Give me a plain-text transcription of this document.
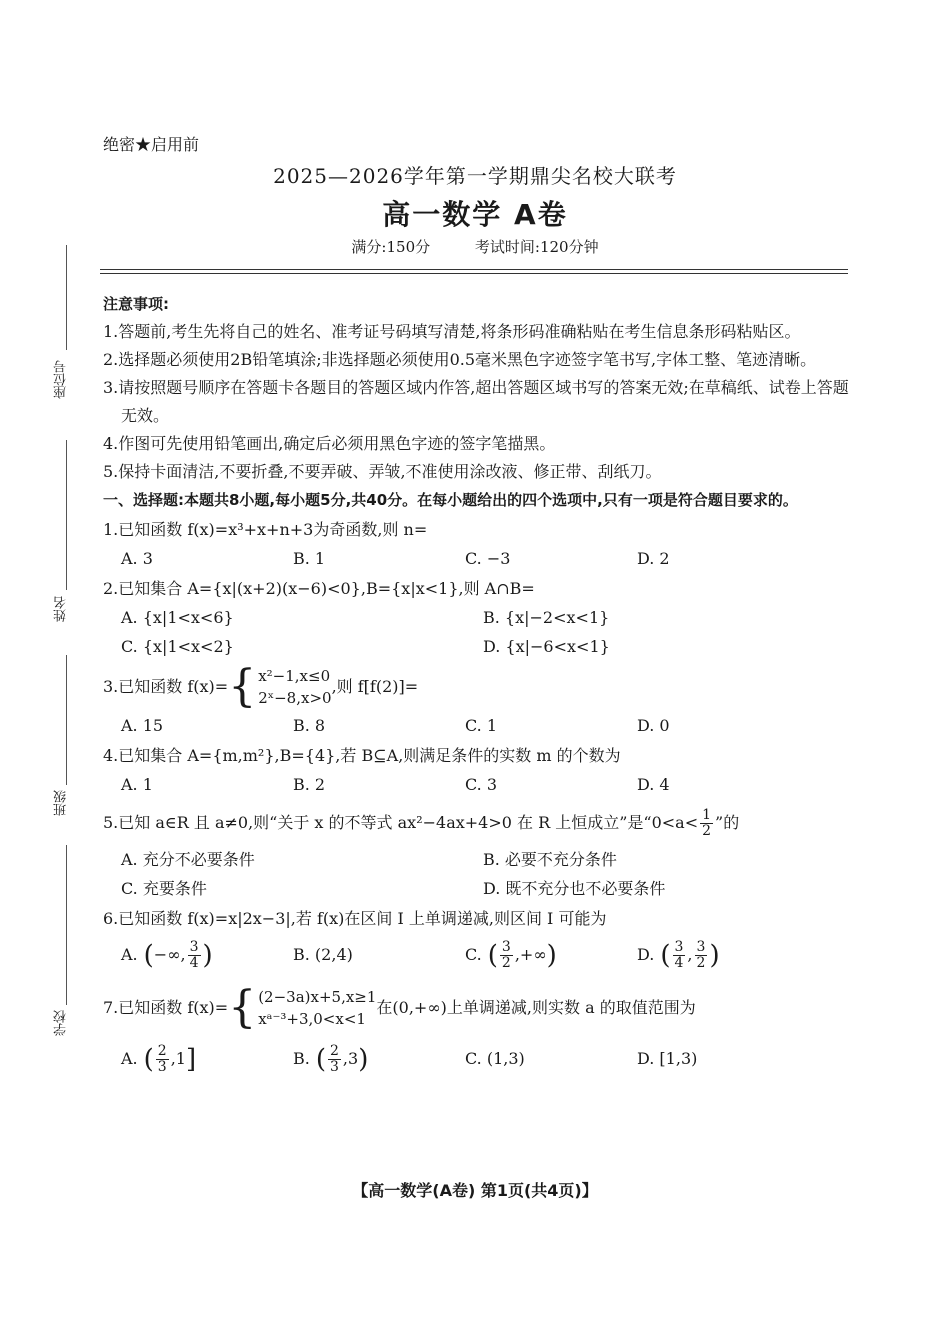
绝密★启用前
2025—2026学年第一学期鼎尖名校大联考
高一数学 A卷
满分:150分	考试时间:120分钟
座位号
姓名
班级
学校
注意事项:
1.答题前,考生先将自己的姓名、准考证号码填写清楚,将条形码准确粘贴在考生信息条形码粘贴区。
2.选择题必须使用2B铅笔填涂;非选择题必须使用0.5毫米黑色字迹签字笔书写,字体工整、笔迹清晰。
3.请按照题号顺序在答题卡各题目的答题区域内作答,超出答题区域书写的答案无效;在草稿纸、试卷上答题无效。
4.作图可先使用铅笔画出,确定后必须用黑色字迹的签字笔描黑。
5.保持卡面清洁,不要折叠,不要弄破、弄皱,不准使用涂改液、修正带、刮纸刀。
一、选择题:本题共8小题,每小题5分,共40分。在每小题给出的四个选项中,只有一项是符合题目要求的。
1.已知函数 f(x)=x³+x+n+3为奇函数,则 n=
A. 3	B. 1	C. −3	D. 2
2.已知集合 A={x|(x+2)(x−6)<0},B={x|x<1},则 A∩B=
A. {x|1<x<6}	B. {x|−2<x<1}
C. {x|1<x<2}	D. {x|−6<x<1}
3.已知函数 f(x)= { x²−1,x≤0
2ˣ−8,x>0
,则 f[f(2)]=
A. 15	B. 8	C. 1	D. 0
4.已知集合 A={m,m²},B={4},若 B⊆A,则满足条件的实数 m 的个数为
A. 1	B. 2	C. 3	D. 4
5.已知 a∈R 且 a≠0,则“关于 x 的不等式 ax²−4ax+4>0 在 R 上恒成立”是“$0<a< \frac{1}{2}$ ”的
A. 充分不必要条件	B. 必要不充分条件
C. 充要条件	D. 既不充分也不必要条件
6.已知函数 f(x)=x|2x−3|,若 f(x)在区间 I 上单调递减,则区间 I 可能为
A. (−∞, $\frac{3}{4}$ )	B. (2,4)	C. ( $\frac{3}{2}$ ,+∞)	D. ( $\frac{3}{4}$ , $\frac{3}{2}$ )
7.已知函数 f(x)= { (2−3a)x+5,x≥1
xᵃ⁻³+3,0<x<1
在(0,+∞)上单调递减,则实数 a 的取值范围为
A. ( $\frac{2}{3} ,1$]	B. ( $\frac{2}{3} ,3$)	C. (1,3)	D. [1,3)
【高一数学(A卷) 第1页(共4页)】
